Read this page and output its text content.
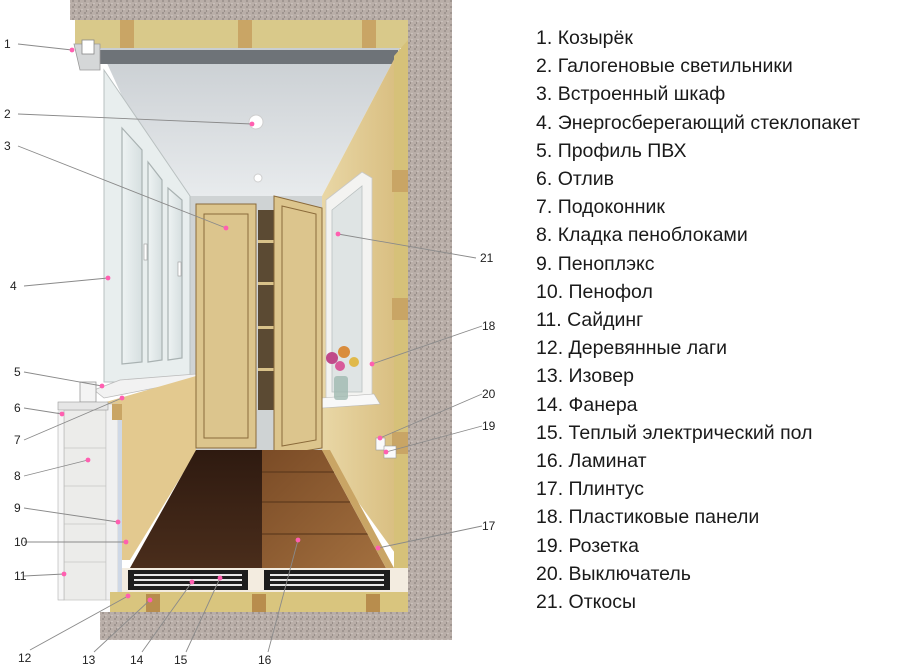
1
2
3
4
5
6
7
8
9
10
11
12	13	14	15	16
17
18
19
20
21
1. Козырёк
2. Галогеновые светильники
3. Встроенный шкаф
4. Энергосберегающий стеклопакет
5. Профиль ПВХ
6. Отлив
7. Подоконник
8. Кладка пеноблоками
9. Пеноплэкс
10. Пенофол
11. Сайдинг
12. Деревянные лаги
13. Изовер
14. Фанера
15. Теплый электрический пол
16. Ламинат
17. Плинтус
18. Пластиковые панели
19. Розетка
20. Выключатель
21. Откосы
